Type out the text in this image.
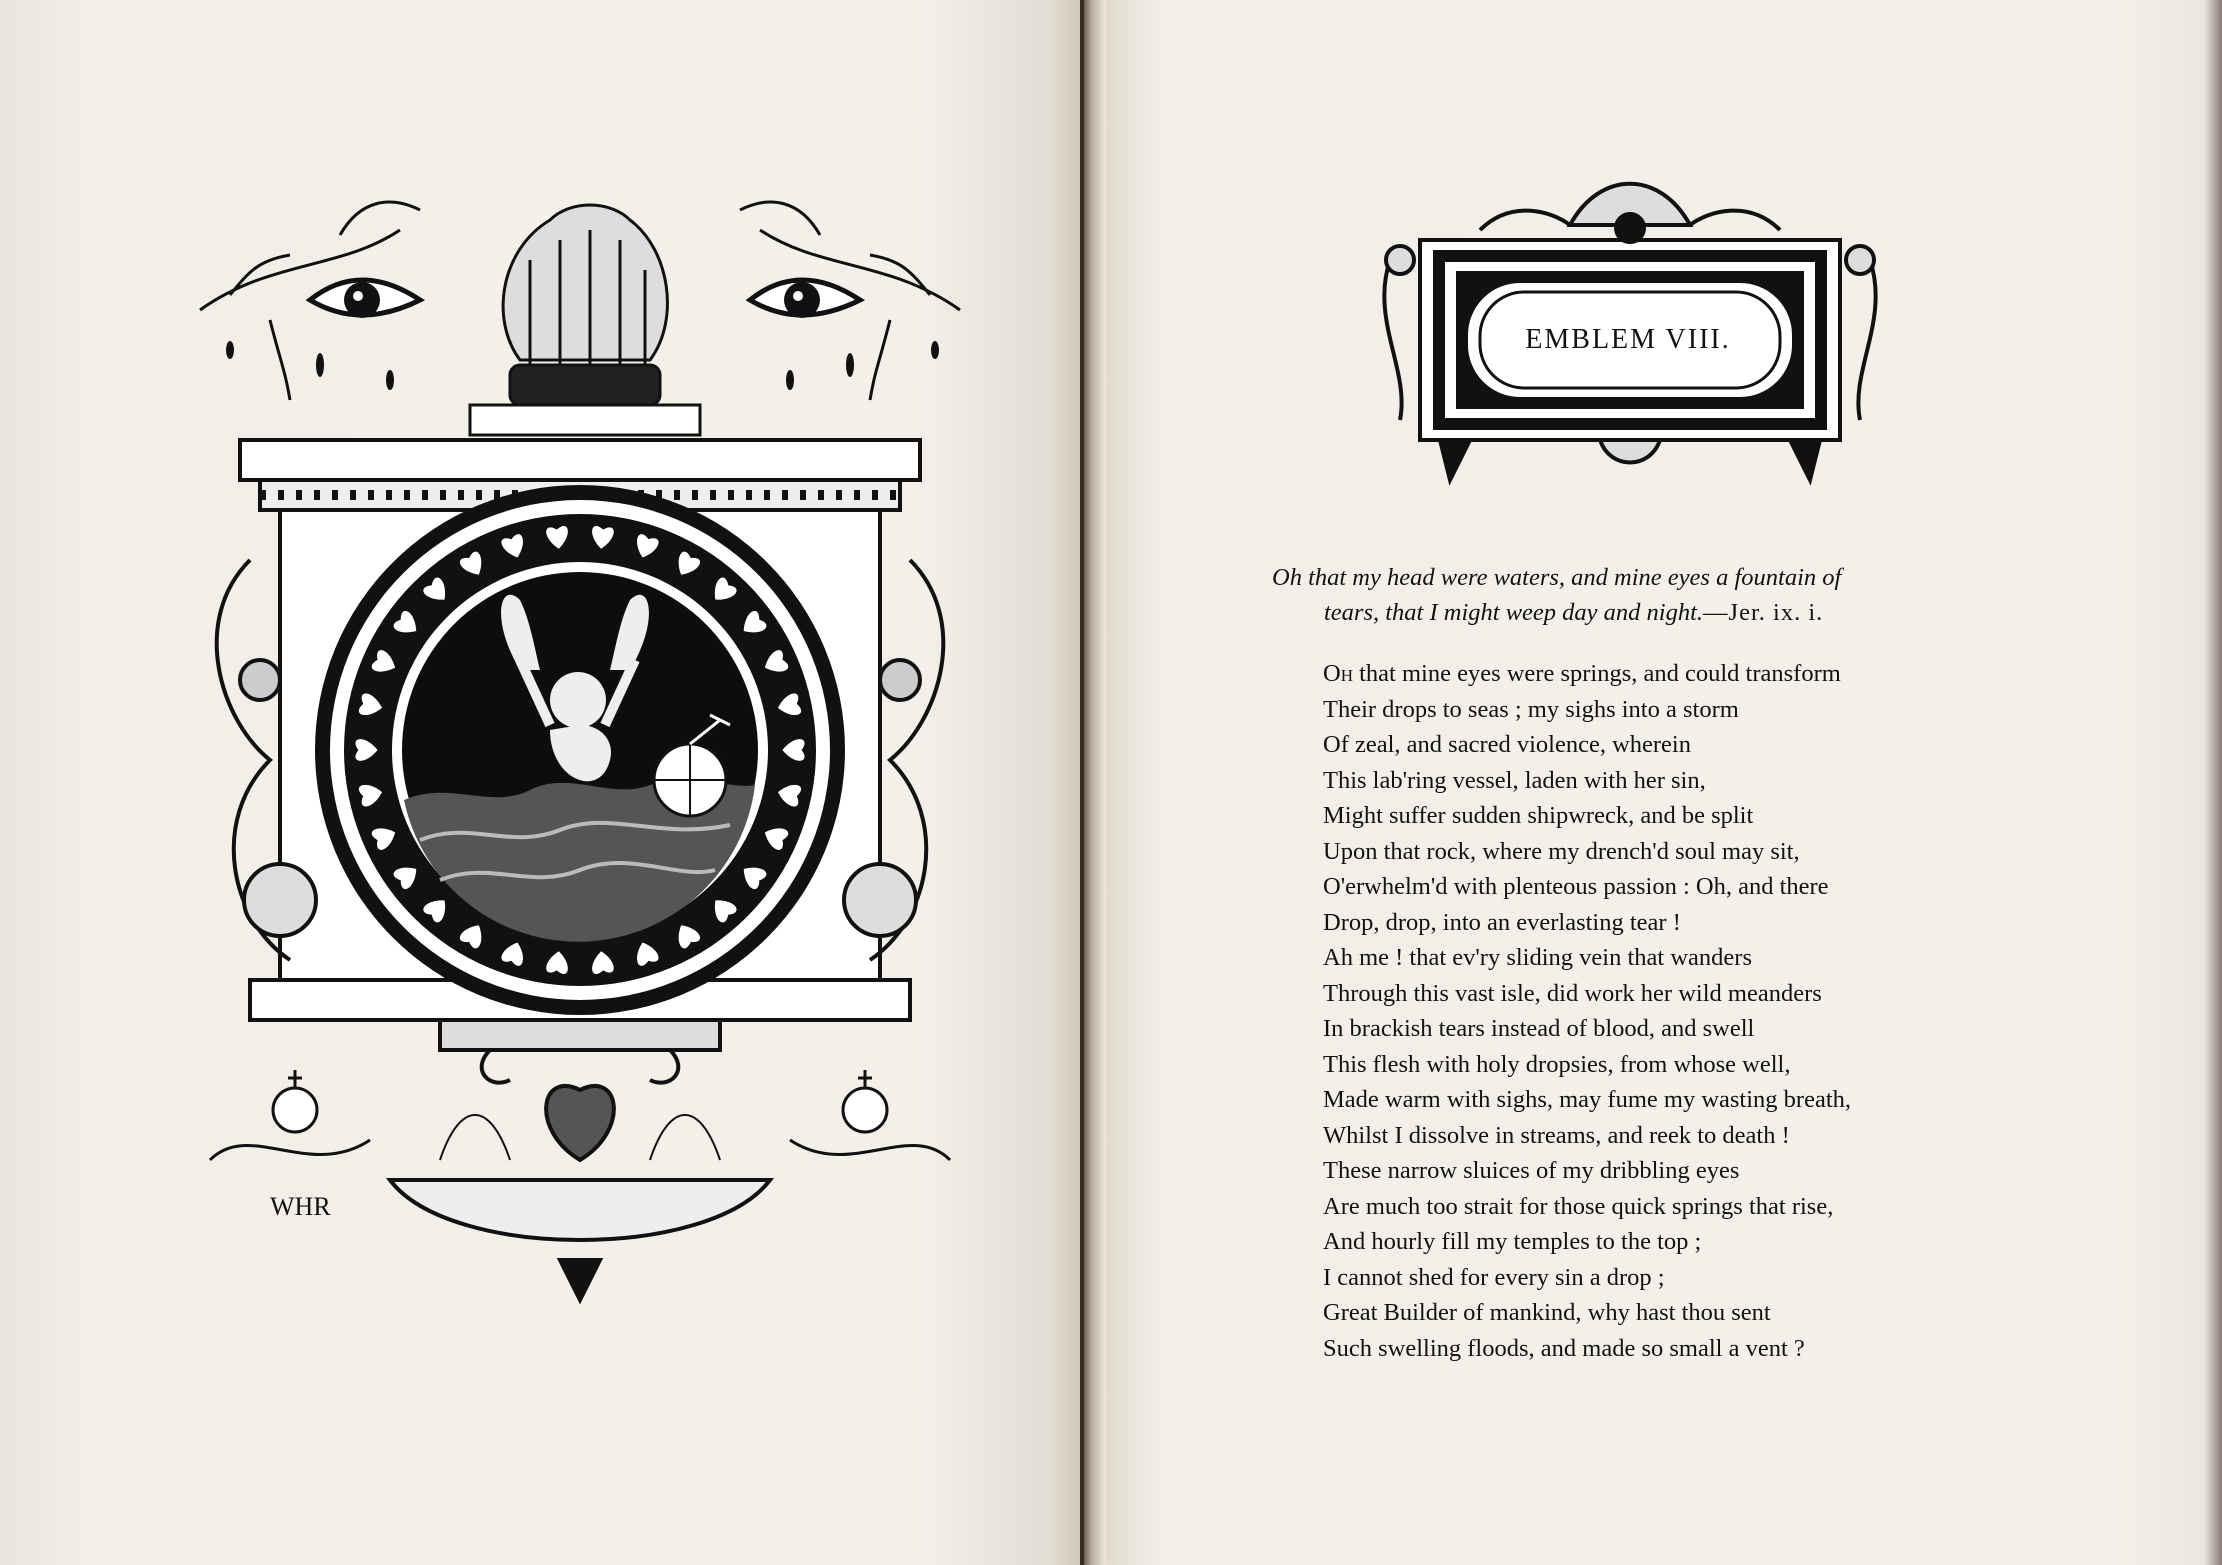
WHR
EMBLEM VIII.
Oh that my head were waters, and mine eyes a fountain of
tears, that I might weep day and night.—Jer. ix. i.
Oh that mine eyes were springs, and could transform
Their drops to seas ; my sighs into a storm
Of zeal, and sacred violence, wherein
This lab'ring vessel, laden with her sin,
Might suffer sudden shipwreck, and be split
Upon that rock, where my drench'd soul may sit,
O'erwhelm'd with plenteous passion : Oh, and there
Drop, drop, into an everlasting tear !
Ah me ! that ev'ry sliding vein that wanders
Through this vast isle, did work her wild meanders
In brackish tears instead of blood, and swell
This flesh with holy dropsies, from whose well,
Made warm with sighs, may fume my wasting breath,
Whilst I dissolve in streams, and reek to death !
These narrow sluices of my dribbling eyes
Are much too strait for those quick springs that rise,
And hourly fill my temples to the top ;
I cannot shed for every sin a drop ;
Great Builder of mankind, why hast thou sent
Such swelling floods, and made so small a vent ?
